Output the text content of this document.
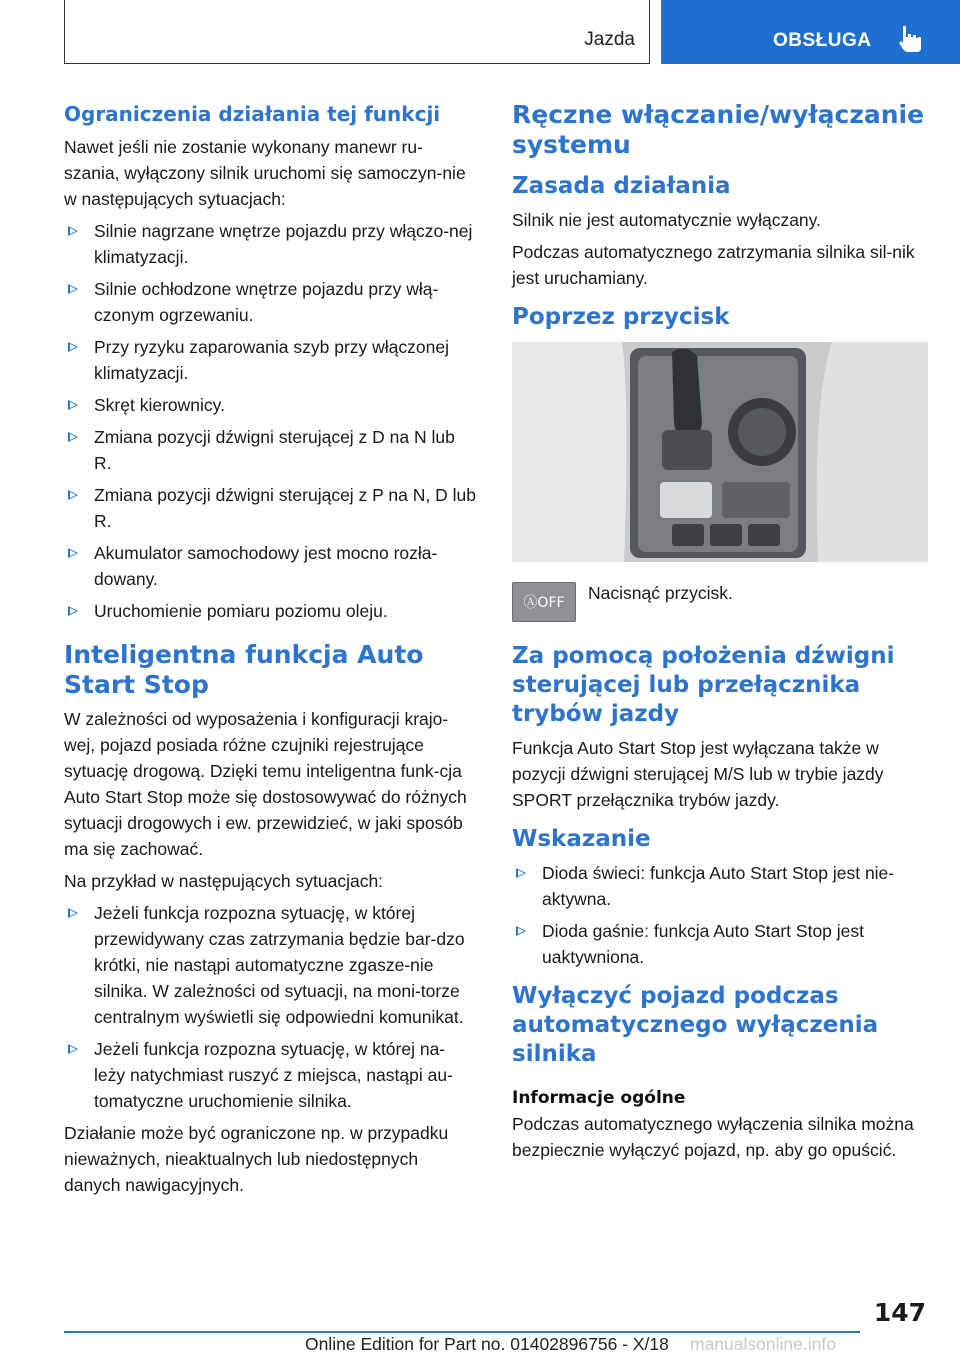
Jazda	OBSŁUGA
Ograniczenia działania tej funkcji

Nawet jeśli nie zostanie wykonany manewr ru-szania, wyłączony silnik uruchomi się samoczyn-nie w następujących sytuacjach:

Silnie nagrzane wnętrze pojazdu przy włączo-nej klimatyzacji.
Silnie ochłodzone wnętrze pojazdu przy włą-czonym ogrzewaniu.
Przy ryzyku zaparowania szyb przy włączonej klimatyzacji.
Skręt kierownicy.
Zmiana pozycji dźwigni sterującej z D na N lub R.
Zmiana pozycji dźwigni sterującej z P na N, D lub R.
Akumulator samochodowy jest mocno rozła-dowany.
Uruchomienie pomiaru poziomu oleju.
Inteligentna funkcja Auto Start Stop

W zależności od wyposażenia i konfiguracji krajo-wej, pojazd posiada różne czujniki rejestrujące sytuację drogową. Dzięki temu inteligentna funk-cja Auto Start Stop może się dostosowywać do różnych sytuacji drogowych i ew. przewidzieć, w jaki sposób ma się zachować.

Na przykład w następujących sytuacjach:

Jeżeli funkcja rozpozna sytuację, w której przewidywany czas zatrzymania będzie bar-dzo krótki, nie nastąpi automatyczne zgasze-nie silnika. W zależności od sytuacji, na moni-torze centralnym wyświetli się odpowiedni komunikat.
Jeżeli funkcja rozpozna sytuację, w której na-leży natychmiast ruszyć z miejsca, nastąpi au-tomatyczne uruchomienie silnika.

Działanie może być ograniczone np. w przypadku nieważnych, nieaktualnych lub niedostępnych danych nawigacyjnych.

Ręczne włączanie/wyłączanie systemu
Zasada działania

Silnik nie jest automatycznie wyłączany.

Podczas automatycznego zatrzymania silnika sil-nik jest uruchamiany.

Poprzez przycisk
ⒶOFF	Nacisnąć przycisk.

Za pomocą położenia dźwigni sterującej lub przełącznika trybów jazdy

Funkcja Auto Start Stop jest wyłączana także w pozycji dźwigni sterującej M/S lub w trybie jazdy SPORT przełącznika trybów jazdy.

Wskazanie
Dioda świeci: funkcja Auto Start Stop jest nie-aktywna.
Dioda gaśnie: funkcja Auto Start Stop jest uaktywniona.
Wyłączyć pojazd podczas automatycznego wyłączenia silnika
Informacje ogólne

Podczas automatycznego wyłączenia silnika można bezpiecznie wyłączyć pojazd, np. aby go opuścić.

147
Online Edition for Part no. 01402896756 - X/18 manualsonline.info
